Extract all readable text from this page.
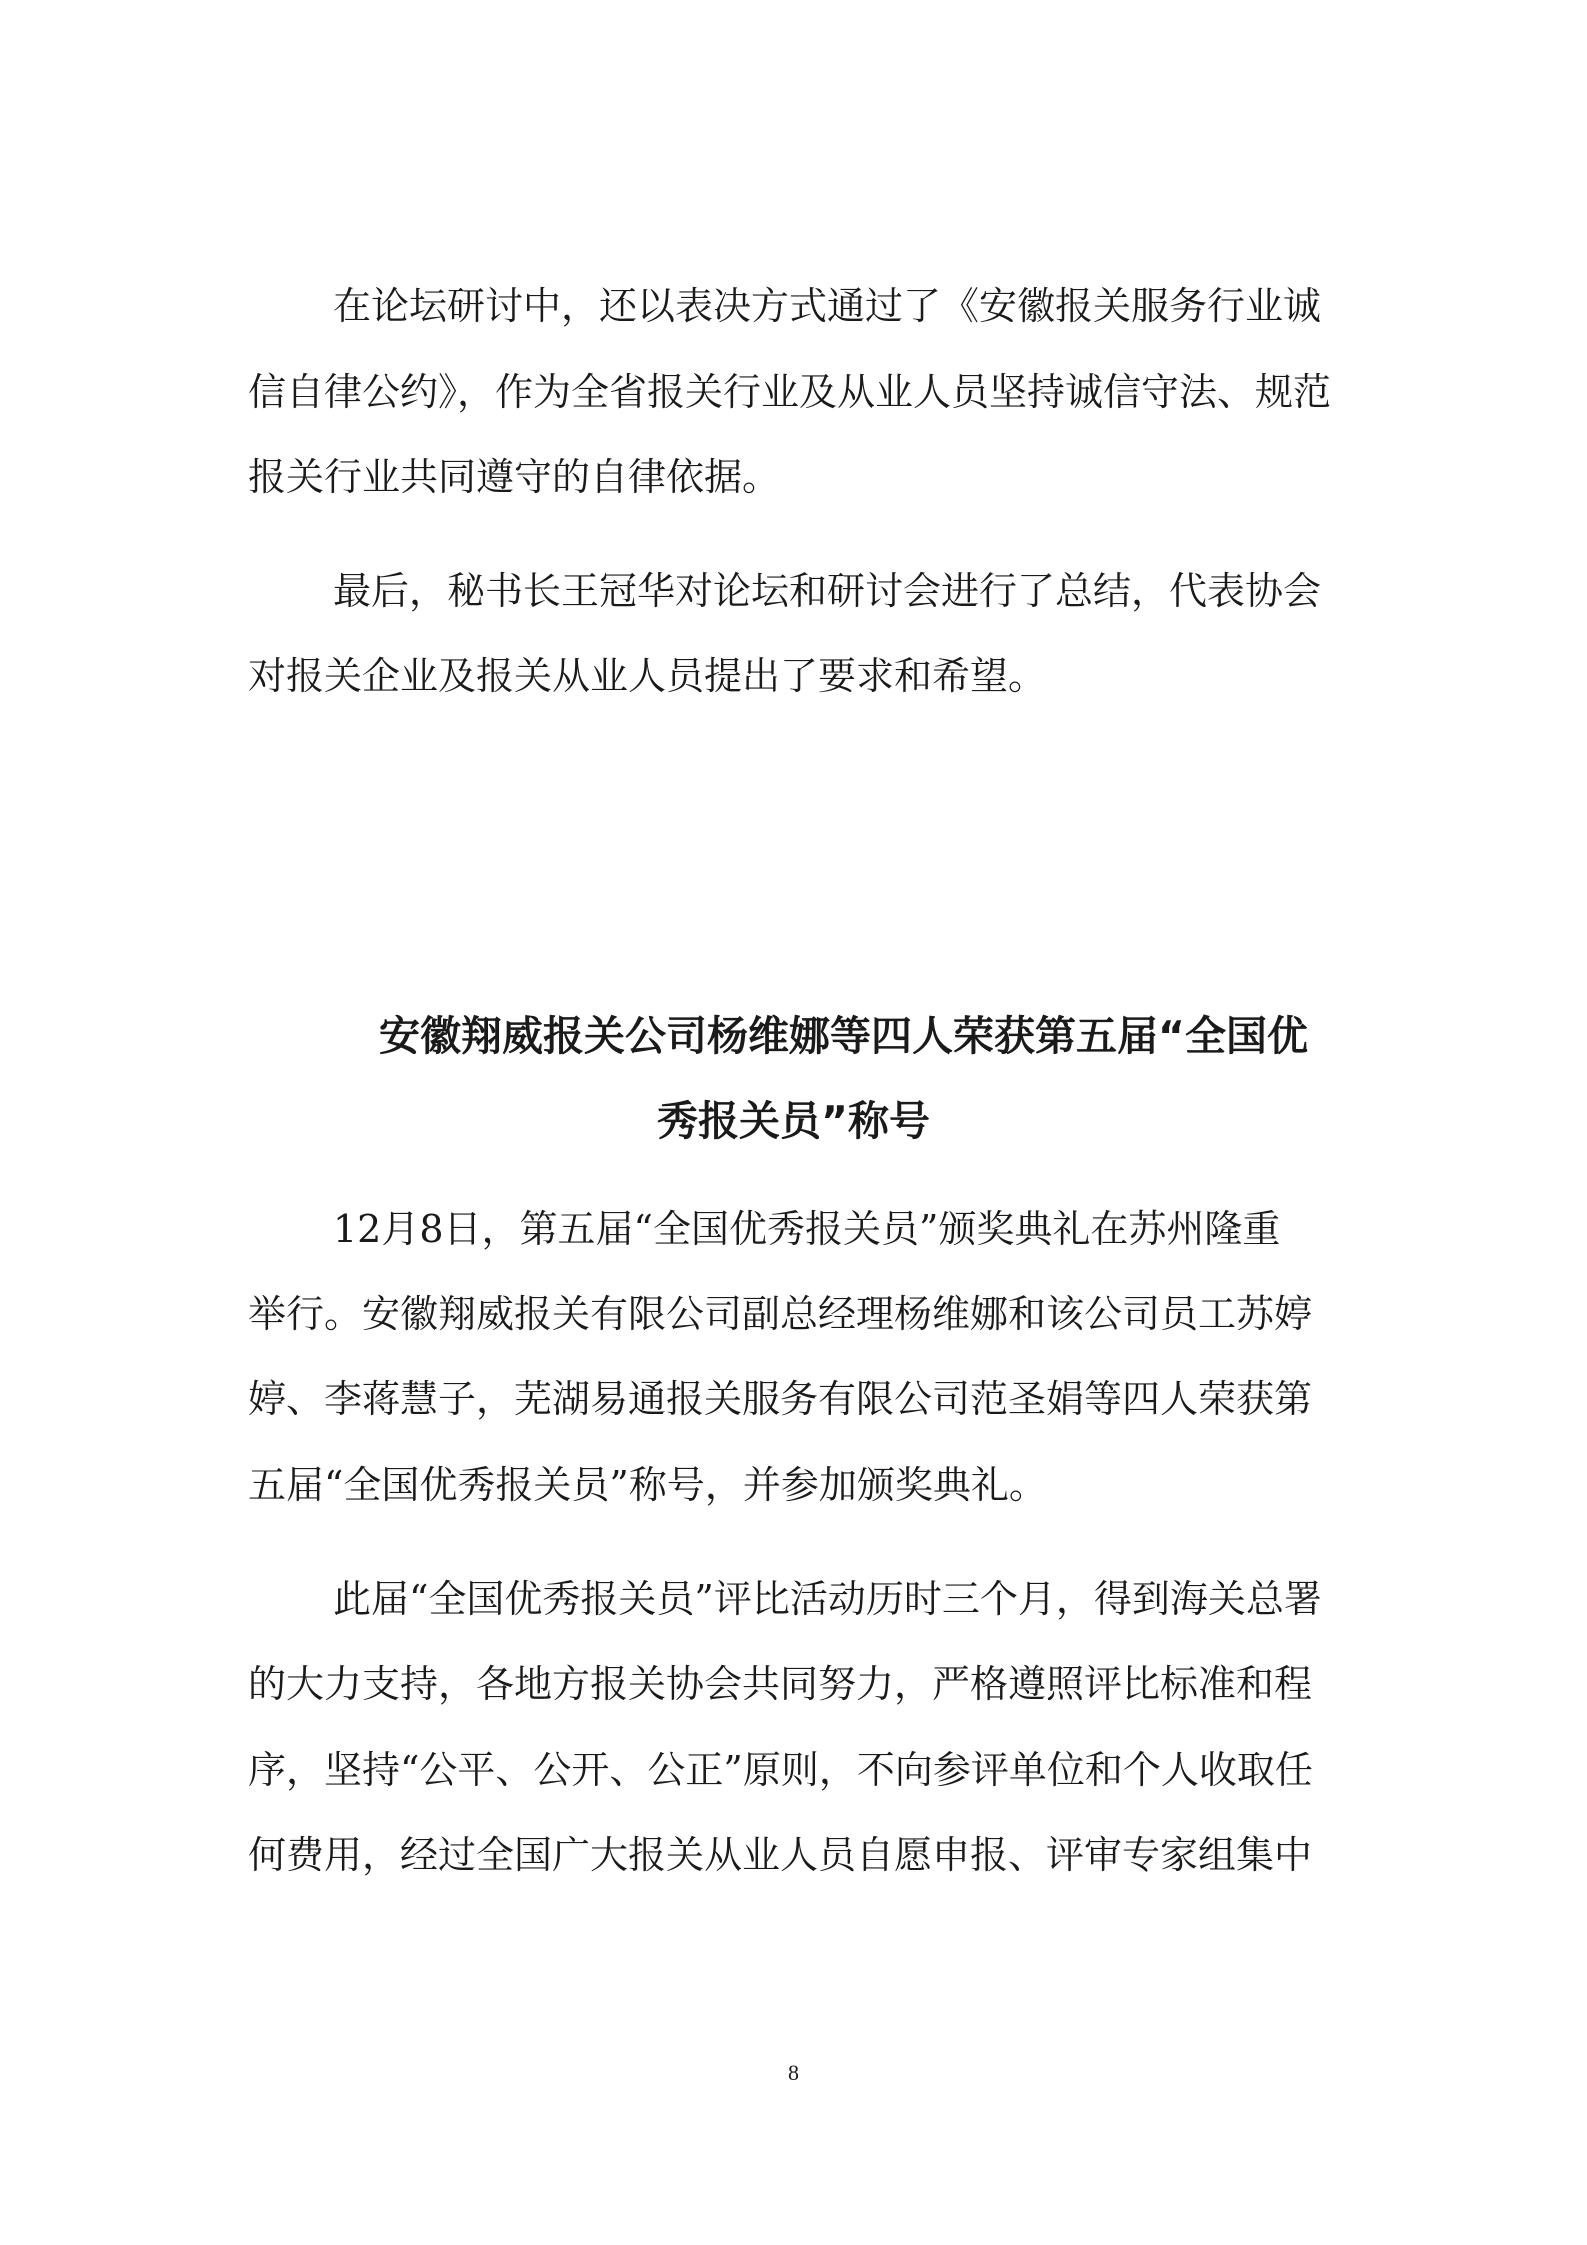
在论坛研讨中，还以表决方式通过了《安徽报关服务行业诚
信自律公约》，作为全省报关行业及从业人员坚持诚信守法、规范
报关行业共同遵守的自律依据。
最后，秘书长王冠华对论坛和研讨会进行了总结，代表协会
对报关企业及报关从业人员提出了要求和希望。
安徽翔威报关公司杨维娜等四人荣获第五届“全国优
秀报关员”称号
12月8日，第五届“全国优秀报关员”颁奖典礼在苏州隆重
举行。安徽翔威报关有限公司副总经理杨维娜和该公司员工苏婷
婷、李蒋慧子，芜湖易通报关服务有限公司范圣娟等四人荣获第
五届“全国优秀报关员”称号，并参加颁奖典礼。
此届“全国优秀报关员”评比活动历时三个月，得到海关总署
的大力支持，各地方报关协会共同努力，严格遵照评比标准和程
序，坚持“公平、公开、公正”原则，不向参评单位和个人收取任
何费用，经过全国广大报关从业人员自愿申报、评审专家组集中
8
